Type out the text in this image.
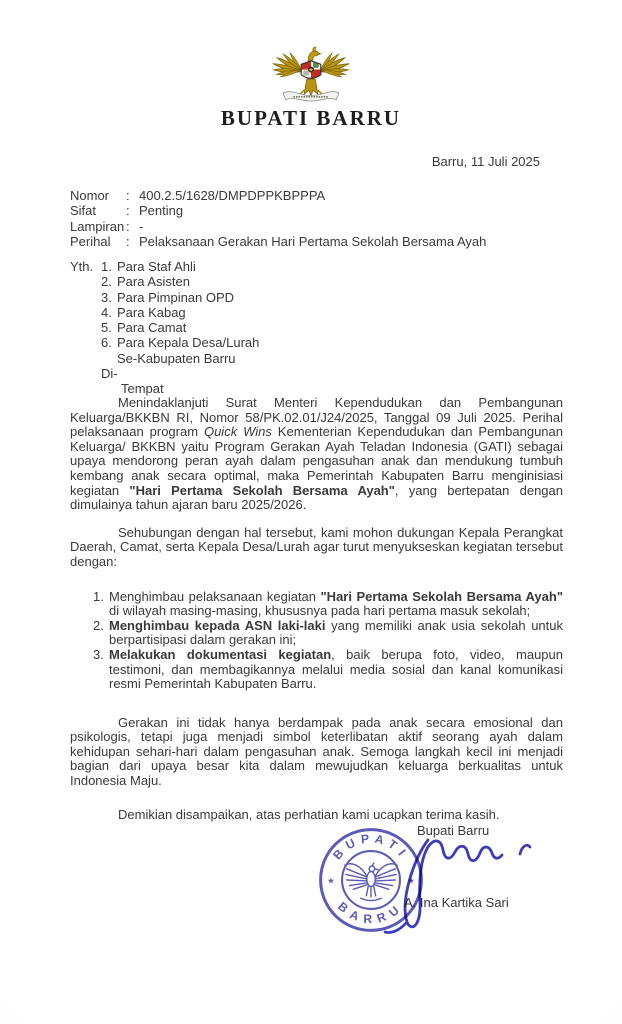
BUPATI BARRU
Barru, 11 Juli 2025
Nomor	: 400.2.5/1628/DMPDPPKBPPPA
Sifat	: Penting
Lampiran : -
Perihal	: Pelaksanaan Gerakan Hari Pertama Sekolah Bersama Ayah
Yth. 1. Para Staf Ahli
2. Para Asisten
3. Para Pimpinan OPD
4. Para Kabag
5. Para Camat
6. Para Kepala Desa/Lurah
Se-Kabupaten Barru
Di-
Tempat

Menindaklanjuti Surat Menteri Kependudukan dan Pembangunan Keluarga/BKKBN RI, Nomor 58/PK.02.01/J24/2025, Tanggal 09 Juli 2025. Perihal pelaksanaan program Quick Wins Kementerian Kependudukan dan Pembangunan Keluarga/ BKKBN yaitu Program Gerakan Ayah Teladan Indonesia (GATI) sebagai upaya mendorong peran ayah dalam pengasuhan anak dan mendukung tumbuh kembang anak secara optimal, maka Pemerintah Kabupaten Barru menginisiasi kegiatan "Hari Pertama Sekolah Bersama Ayah", yang bertepatan dengan dimulainya tahun ajaran baru 2025/2026.

Sehubungan dengan hal tersebut, kami mohon dukungan Kepala Perangkat Daerah, Camat, serta Kepala Desa/Lurah agar turut menyukseskan kegiatan tersebut dengan:

1. Menghimbau pelaksanaan kegiatan "Hari Pertama Sekolah Bersama Ayah" di wilayah masing-masing, khususnya pada hari pertama masuk sekolah;
2. Menghimbau kepada ASN laki-laki yang memiliki anak usia sekolah untuk berpartisipasi dalam gerakan ini;
3. Melakukan dokumentasi kegiatan, baik berupa foto, video, maupun testimoni, dan membagikannya melalui media sosial dan kanal komunikasi resmi Pemerintah Kabupaten Barru.

Gerakan ini tidak hanya berdampak pada anak secara emosional dan psikologis, tetapi juga menjadi simbol keterlibatan aktif seorang ayah dalam kehidupan sehari-hari dalam pengasuhan anak. Semoga langkah kecil ini menjadi bagian dari upaya besar kita dalam mewujudkan keluarga berkualitas untuk Indonesia Maju.

Demikian disampaikan, atas perhatian kami ucapkan terima kasih.

Bupati Barru
A. Ina Kartika Sari
BUPATI
BARRU
★	★
